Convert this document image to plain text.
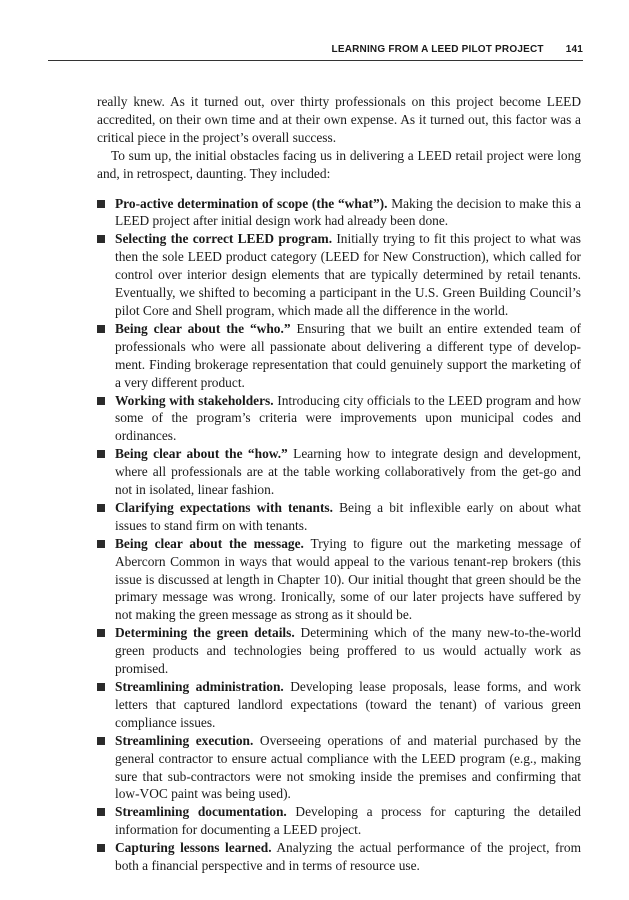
LEARNING FROM A LEED PILOT PROJECT 141

really knew. As it turned out, over thirty professionals on this project become LEED accredited, on their own time and at their own expense. As it turned out, this factor was a critical piece in the project’s overall success.

To sum up, the initial obstacles facing us in delivering a LEED retail project were long and, in retrospect, daunting. They included:

Pro-active determination of scope (the “what”). Making the decision to make this a LEED project after initial design work had already been done.
Selecting the correct LEED program. Initially trying to fit this project to what was then the sole LEED product category (LEED for New Construction), which called for control over interior design elements that are typically determined by retail tenants. Eventually, we shifted to becoming a participant in the U.S. Green Building Council’s pilot Core and Shell program, which made all the difference in the world.
Being clear about the “who.” Ensuring that we built an entire extended team of professionals who were all passionate about delivering a different type of development. Finding brokerage representation that could genuinely support the marketing of a very different product.
Working with stakeholders. Introducing city officials to the LEED program and how some of the program’s criteria were improvements upon municipal codes and ordinances.
Being clear about the “how.” Learning how to integrate design and development, where all professionals are at the table working collaboratively from the get-go and not in isolated, linear fashion.
Clarifying expectations with tenants. Being a bit inflexible early on about what issues to stand firm on with tenants.
Being clear about the message. Trying to figure out the marketing message of Abercorn Common in ways that would appeal to the various tenant-rep brokers (this issue is discussed at length in Chapter 10). Our initial thought that green should be the primary message was wrong. Ironically, some of our later projects have suffered by not making the green message as strong as it should be.
Determining the green details. Determining which of the many new-to-the-world green products and technologies being proffered to us would actually work as promised.
Streamlining administration. Developing lease proposals, lease forms, and work letters that captured landlord expectations (toward the tenant) of various green compliance issues.
Streamlining execution. Overseeing operations of and material purchased by the general contractor to ensure actual compliance with the LEED program (e.g., making sure that sub-contractors were not smoking inside the premises and confirming that low-VOC paint was being used).
Streamlining documentation. Developing a process for capturing the detailed information for documenting a LEED project.
Capturing lessons learned. Analyzing the actual performance of the project, from both a financial perspective and in terms of resource use.
